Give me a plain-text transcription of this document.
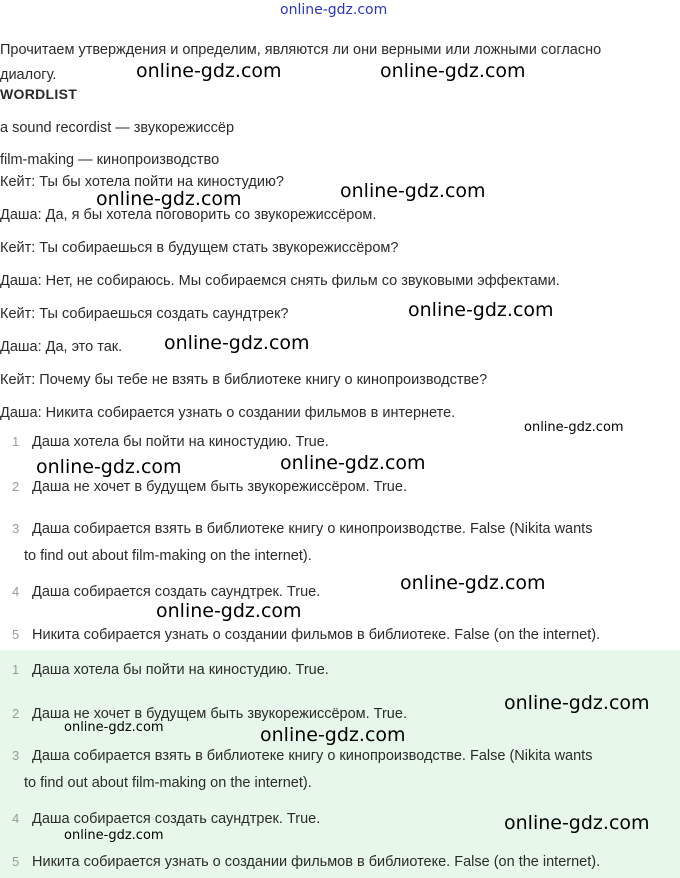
online-gdz.com
Прочитаем утверждения и определим, являются ли они верными или ложными согласно диалогу.
WORDLIST
a sound recordist — звукорежиссёр
film-making — кинопроизводство
Кейт: Ты бы хотела пойти на киностудию?
Даша: Да, я бы хотела поговорить со звукорежиссёром.
Кейт: Ты собираешься в будущем стать звукорежиссёром?
Даша: Нет, не собираюсь. Мы собираемся снять фильм со звуковыми эффектами.
Кейт: Ты собираешься создать саундтрек?
Даша: Да, это так.
Кейт: Почему бы тебе не взять в библиотеке книгу о кинопроизводстве?
Даша: Никита собирается узнать о создании фильмов в интернете.
1 Даша хотела бы пойти на киностудию. True.
2 Даша не хочет в будущем быть звукорежиссёром. True.
3 Даша собирается взять в библиотеке книгу о кинопроизводстве. False (Nikita wants
to find out about film-making on the internet).
4 Даша собирается создать саундтрек. True.
5 Никита собирается узнать о создании фильмов в библиотеке. False (on the internet).
1 Даша хотела бы пойти на киностудию. True.
2 Даша не хочет в будущем быть звукорежиссёром. True.
3 Даша собирается взять в библиотеке книгу о кинопроизводстве. False (Nikita wants
to find out about film-making on the internet).
4 Даша собирается создать саундтрек. True.
5 Никита собирается узнать о создании фильмов в библиотеке. False (on the internet).
online-gdz.com	online-gdz.com
online-gdz.com	online-gdz.com
online-gdz.com
online-gdz.com
online-gdz.com
online-gdz.com	online-gdz.com
online-gdz.com
online-gdz.com
online-gdz.com
online-gdz.com	online-gdz.com
online-gdz.com
online-gdz.com
